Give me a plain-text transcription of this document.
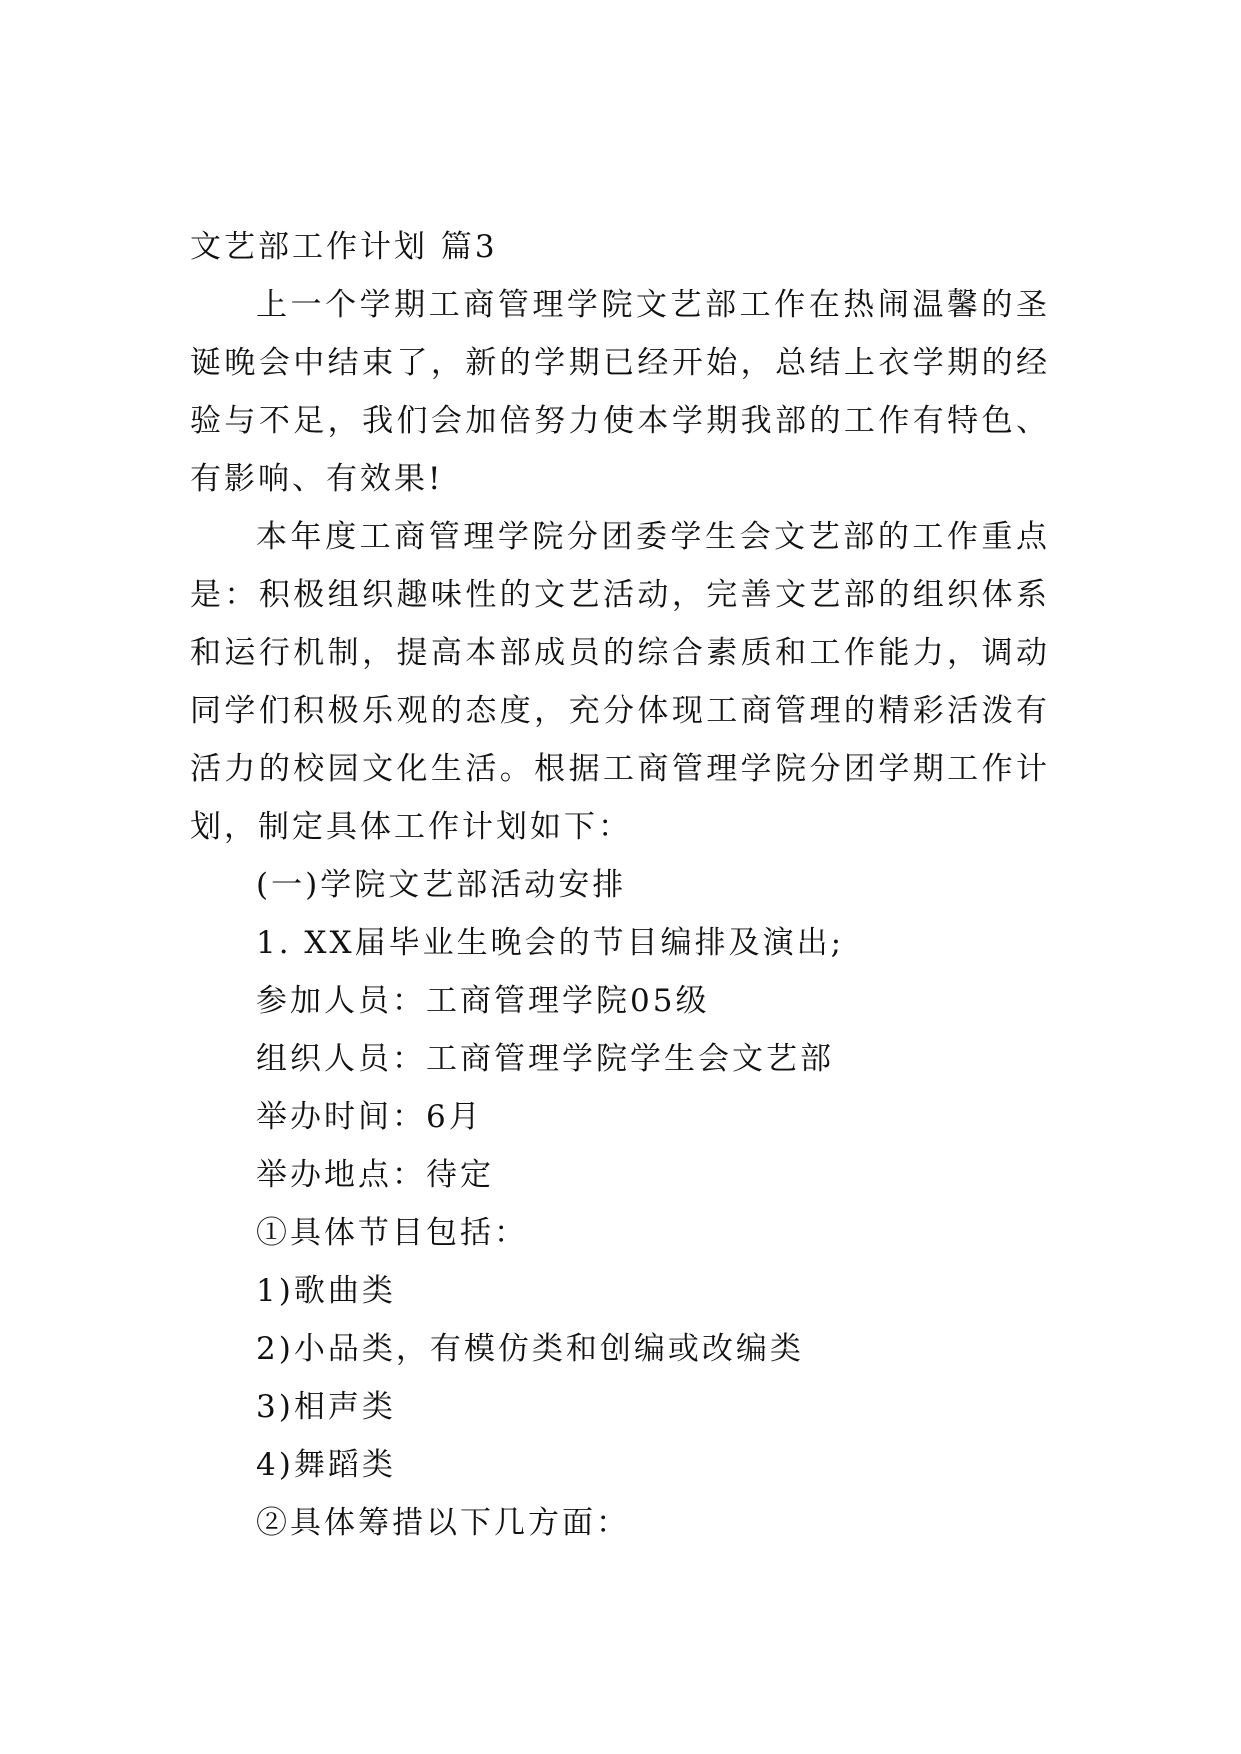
文艺部工作计划 篇3

上一个学期工商管理学院文艺部工作在热闹温馨的圣诞晚会中结束了，新的学期已经开始，总结上衣学期的经验与不足，我们会加倍努力使本学期我部的工作有特色、有影响、有效果!

本年度工商管理学院分团委学生会文艺部的工作重点是：积极组织趣味性的文艺活动，完善文艺部的组织体系和运行机制，提高本部成员的综合素质和工作能力，调动同学们积极乐观的态度，充分体现工商管理的精彩活泼有活力的校园文化生活。根据工商管理学院分团学期工作计划，制定具体工作计划如下：

(一)学院文艺部活动安排

1. XX届毕业生晚会的节目编排及演出;

参加人员：工商管理学院05级

组织人员：工商管理学院学生会文艺部

举办时间：6月

举办地点：待定

①具体节目包括：

1)歌曲类

2)小品类，有模仿类和创编或改编类

3)相声类

4)舞蹈类

②具体筹措以下几方面：
